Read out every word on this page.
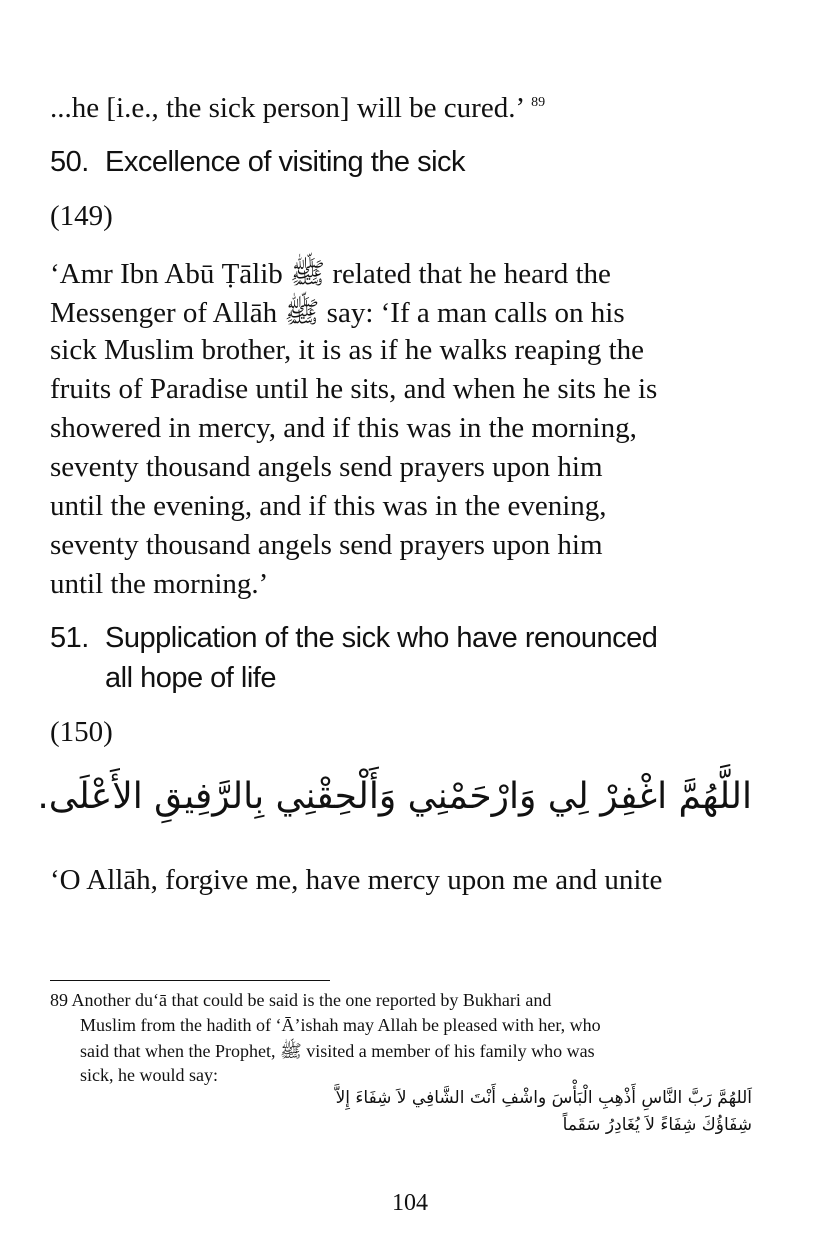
...he [i.e., the sick person] will be cured.’ $^{89}$
50. Excellence of visiting the sick
(149)
‘Amr Ibn Abū Ṭālib ﷺ related that he heard the
Messenger of Allāh ﷺ say: ‘If a man calls on his
sick Muslim brother, it is as if he walks reaping the
fruits of Paradise until he sits, and when he sits he is
showered in mercy, and if this was in the morning,
seventy thousand angels send prayers upon him
until the evening, and if this was in the evening,
seventy thousand angels send prayers upon him
until the morning.’
51. Supplication of the sick who have renounced
all hope of life
(150)
اللَّهُمَّ اغْفِرْ لِي وَارْحَمْنِي وَأَلْحِقْنِي بِالرَّفِيقِ الأَعْلَى.
‘O Allāh, forgive me, have mercy upon me and unite
89 Another du‘ā that could be said is the one reported by Bukhari and
Muslim from the hadith of ‘Ā’ishah may Allah be pleased with her, who
said that when the Prophet, ﷺ visited a member of his family who was
sick, he would say:
اَللهُمَّ رَبَّ النَّاسِ أَذْهِبِ الْبَأْسَ واشْفِ أَنْتَ الشَّافِي لاَ شِفَاءَ إِلاَّ
شِفَاؤُكَ شِفَاءً لاَ يُغَادِرُ سَقَماً
104
